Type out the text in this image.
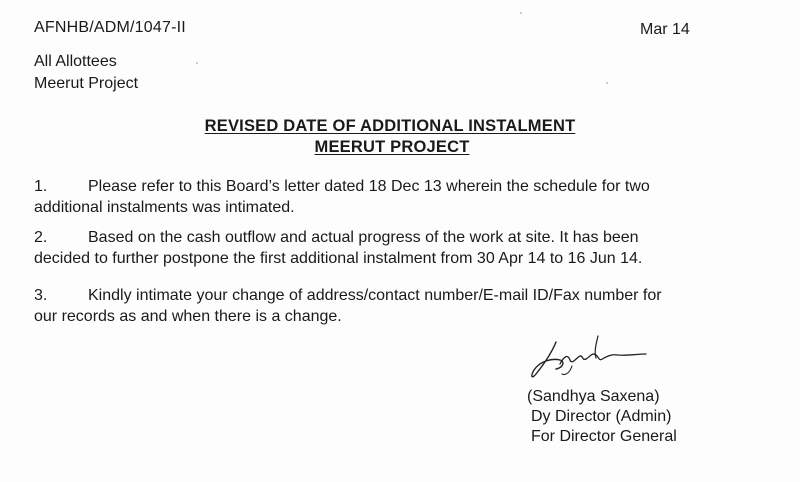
AFNHB/ADM/1047-II	Mar 14
All Allottees
Meerut Project
REVISED DATE OF ADDITIONAL INSTALMENT
MEERUT PROJECT
1.	Please refer to this Board’s letter dated 18 Dec 13 wherein the schedule for two
additional instalments was intimated.
2.	Based on the cash outflow and actual progress of the work at site. It has been
decided to further postpone the first additional instalment from 30 Apr 14 to 16 Jun 14.
3.	Kindly intimate your change of address/contact number/E-mail ID/Fax number for
our records as and when there is a change.
(Sandhya Saxena)
Dy Director (Admin)
For Director General
